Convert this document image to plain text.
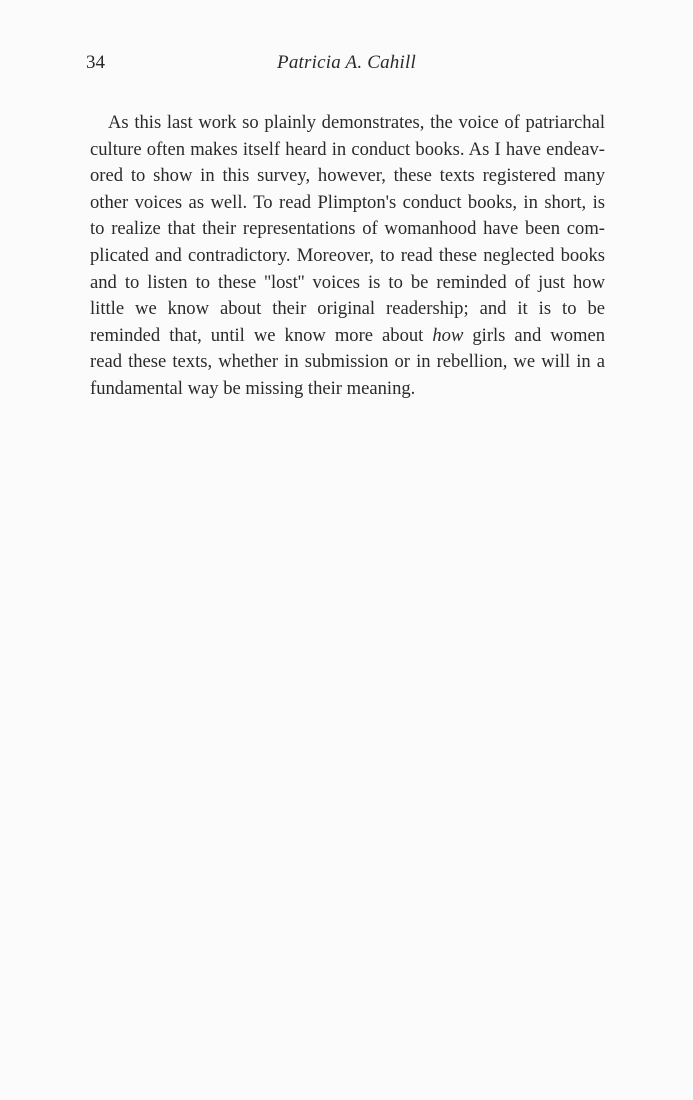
34	Patricia A. Cahill
As this last work so plainly demonstrates, the voice of patriarchal
culture often makes itself heard in conduct books. As I have endeav-
ored to show in this survey, however, these texts registered many
other voices as well. To read Plimpton's conduct books, in short, is
to realize that their representations of womanhood have been com-
plicated and contradictory. Moreover, to read these neglected books
and to listen to these ''lost'' voices is to be reminded of just how
little we know about their original readership; and it is to be
reminded that, until we know more about how girls and women
read these texts, whether in submission or in rebellion, we will in a
fundamental way be missing their meaning.
